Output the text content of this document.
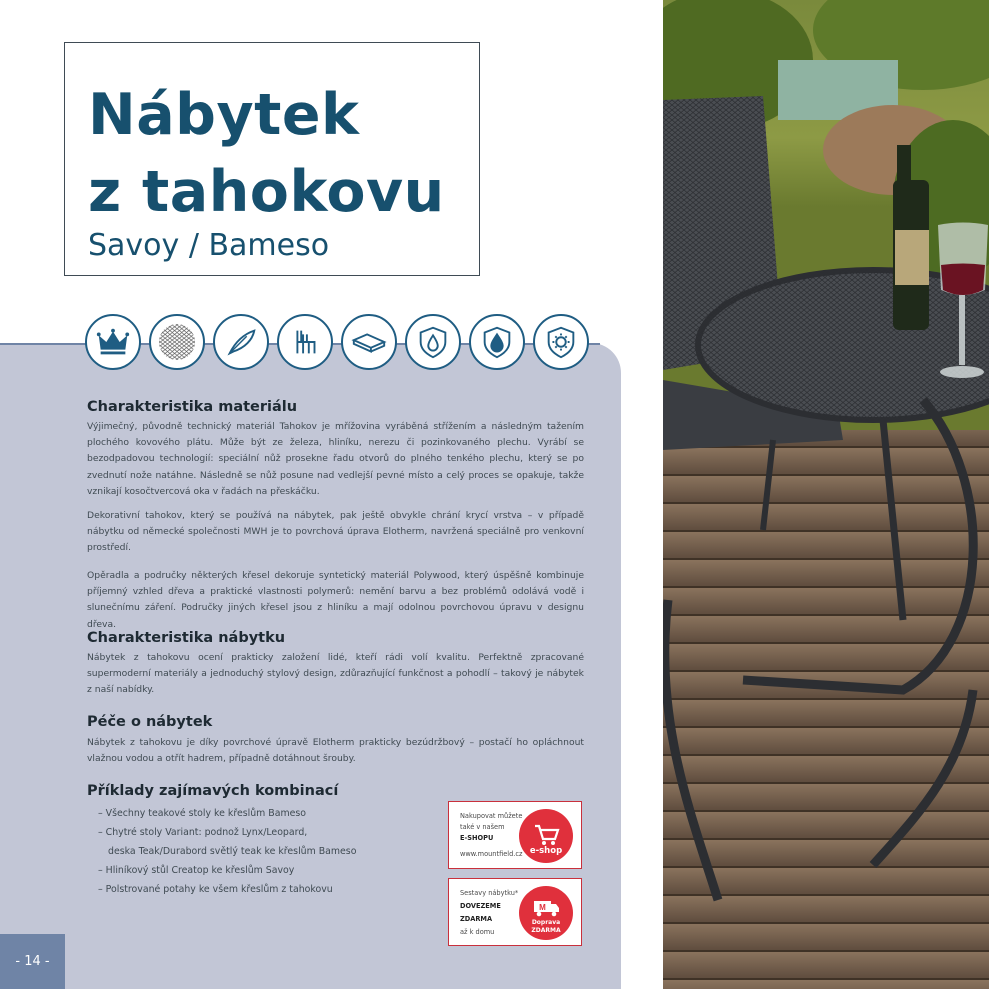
Nábytek
z tahokovu
Savoy / Bameso
Charakteristika materiálu

Výjimečný, původně technický materiál Tahokov je mřížovina vyráběná střížením a následným tažením plochého kovového plátu. Může být ze železa, hliníku, nerezu či pozinkovaného plechu. Vyrábí se bezodpadovou technologií: speciální nůž prosekne řadu otvorů do plného tenkého plechu, který se po zvednutí nože natáhne. Následně se nůž posune nad vedlejší pevné místo a celý proces se opakuje, takže vznikají kosočtvercová oka v řadách na přeskáčku.

Dekorativní tahokov, který se používá na nábytek, pak ještě obvykle chrání krycí vrstva – v případě nábytku od německé společnosti MWH je to povrchová úprava Elotherm, navržená speciálně pro venkovní prostředí.

Opěradla a područky některých křesel dekoruje syntetický materiál Polywood, který úspěšně kombinuje příjemný vzhled dřeva a praktické vlastnosti polymerů: nemění barvu a bez problémů odolává vodě i slunečnímu záření. Područky jiných křesel jsou z hliníku a mají odolnou povrchovou úpravu v designu dřeva.

Charakteristika nábytku

Nábytek z tahokovu ocení prakticky založení lidé, kteří rádi volí kvalitu. Perfektně zpracované supermoderní materiály a jednoduchý stylový design, zdůrazňující funkčnost a pohodlí – takový je nábytek z naší nabídky.

Péče o nábytek

Nábytek z tahokovu je díky povrchové úpravě Elotherm prakticky bezúdržbový – postačí ho opláchnout vlažnou vodou a otřít hadrem, případně dotáhnout šrouby.

Příklady zajímavých kombinací
– Všechny teakové stoly ke křeslům Bameso
– Chytré stoly Variant: podnož Lynx/Leopard,
deska Teak/Durabord světlý teak ke křeslům Bameso
– Hliníkový stůl Creatop ke křeslům Savoy
– Polstrované potahy ke všem křeslům z tahokovu
Nakupovat můžete
také v našem
E-SHOPU
www.mountfield.cz e-shop
Sestavy nábytku*
DOVEZEME
ZDARMA
až k domu
M
Doprava
ZDARMA
- 14 -
